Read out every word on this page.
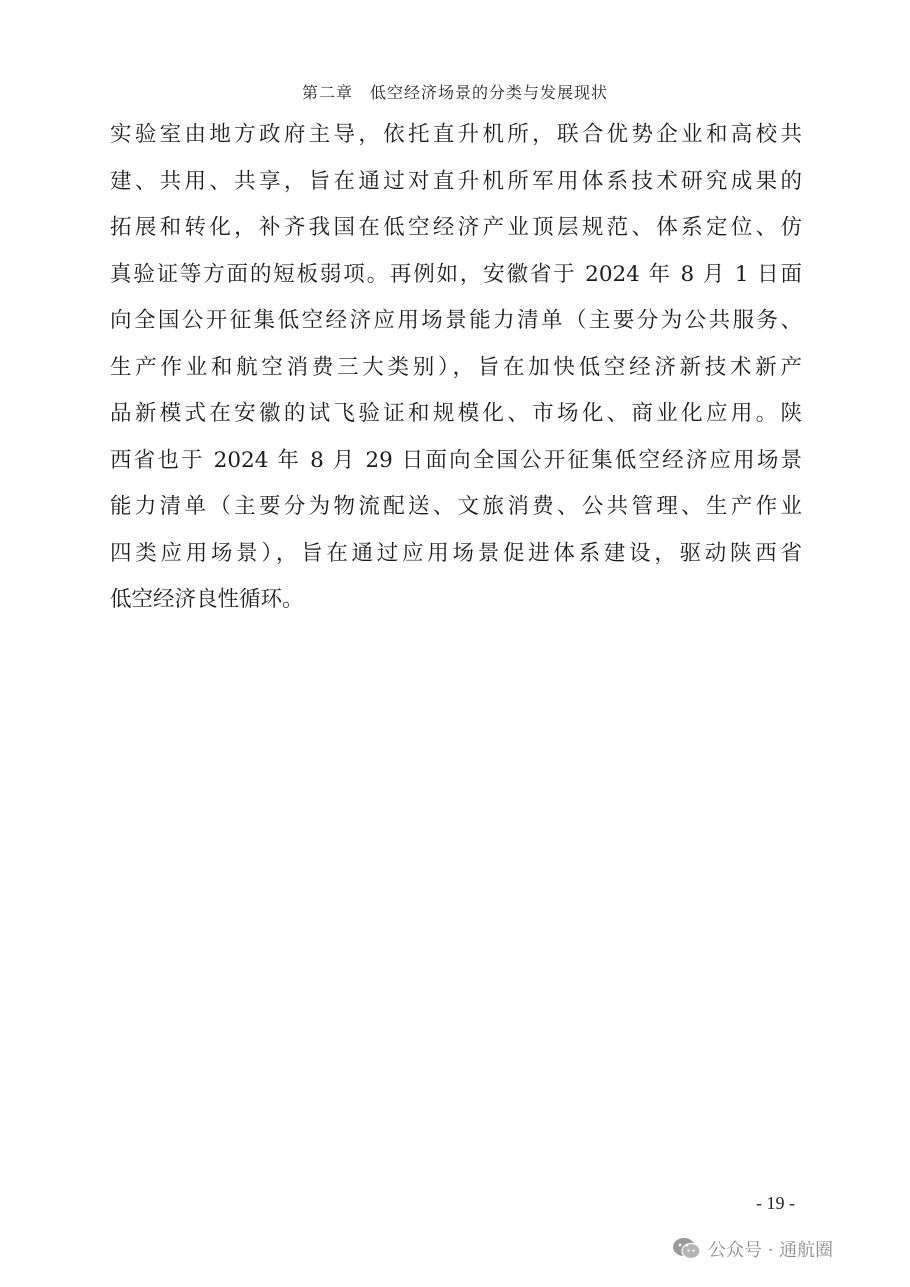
第二章　低空经济场景的分类与发展现状
实验室由地方政府主导，依托直升机所，联合优势企业和高校共
建、共用、共享，旨在通过对直升机所军用体系技术研究成果的
拓展和转化，补齐我国在低空经济产业顶层规范、体系定位、仿
真验证等方面的短板弱项。再例如，安徽省于 2024 年 8 月 1 日面
向全国公开征集低空经济应用场景能力清单（主要分为公共服务、
生产作业和航空消费三大类别），旨在加快低空经济新技术新产
品新模式在安徽的试飞验证和规模化、市场化、商业化应用。陕
西省也于 2024 年 8 月 29 日面向全国公开征集低空经济应用场景
能力清单（主要分为物流配送、文旅消费、公共管理、生产作业
四类应用场景），旨在通过应用场景促进体系建设，驱动陕西省
低空经济良性循环。
- 19 -
公众号 · 通航圈
